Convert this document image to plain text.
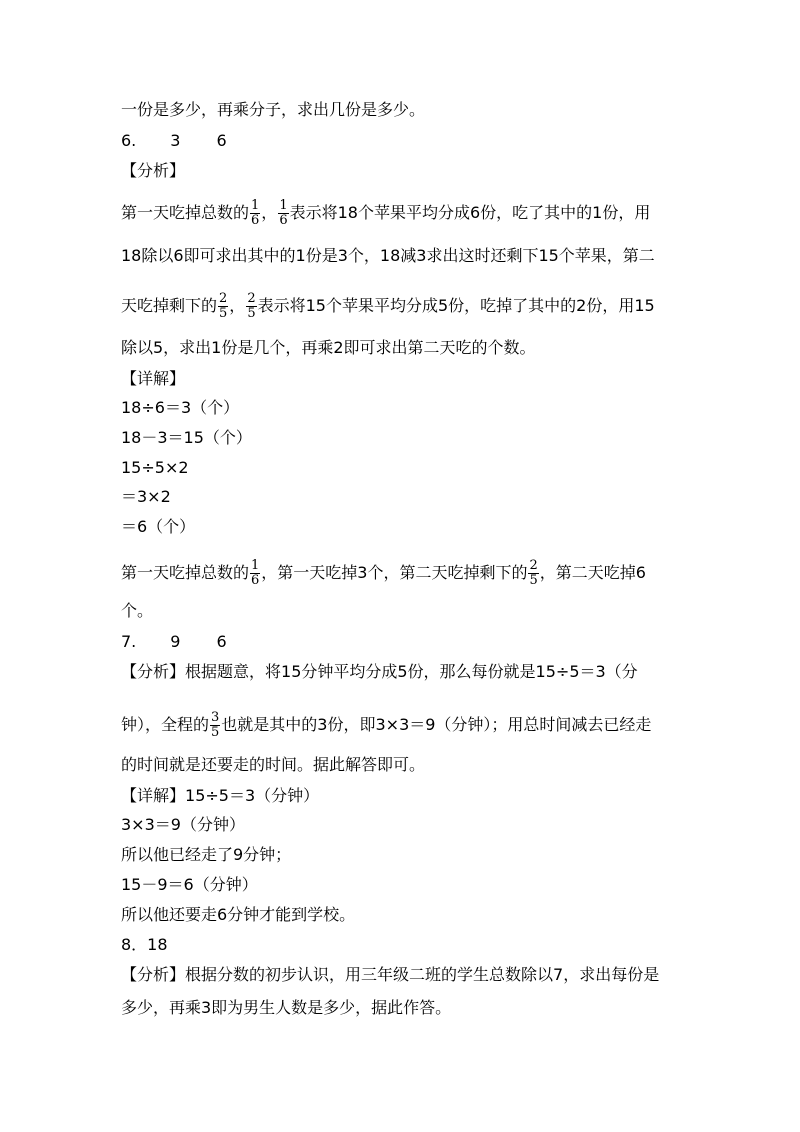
一份是多少，再乘分子，求出几份是多少。
6. 3 6
【分析】
第一天吃掉总数的 $\frac{1}{6}$ ， $\frac{1}{6}$ 表示将18个苹果平均分成6份，吃了其中的1份，用
18除以6即可求出其中的1份是3个，18减3求出这时还剩下15个苹果，第二
天吃掉剩下的 $\frac{2}{5}$ ， $\frac{2}{5}$ 表示将15个苹果平均分成5份，吃掉了其中的2份，用15
除以5，求出1份是几个，再乘2即可求出第二天吃的个数。
【详解】
18÷6＝3（个）
18－3＝15（个）
15÷5×2
＝3×2
＝6（个）
第一天吃掉总数的 $\frac{1}{6}$ ，第一天吃掉3个，第二天吃掉剩下的 $\frac{2}{5}$ ，第二天吃掉6
个。
7. 9 6
【分析】根据题意，将15分钟平均分成5份，那么每份就是15÷5＝3（分
钟），全程的 $\frac{3}{5}$ 也就是其中的3份，即3×3＝9（分钟）；用总时间减去已经走
的时间就是还要走的时间。据此解答即可。
【详解】15÷5＝3（分钟）
3×3＝9（分钟）
所以他已经走了9分钟；
15－9＝6（分钟）
所以他还要走6分钟才能到学校。
8．18
【分析】根据分数的初步认识，用三年级二班的学生总数除以7，求出每份是
多少，再乘3即为男生人数是多少，据此作答。
